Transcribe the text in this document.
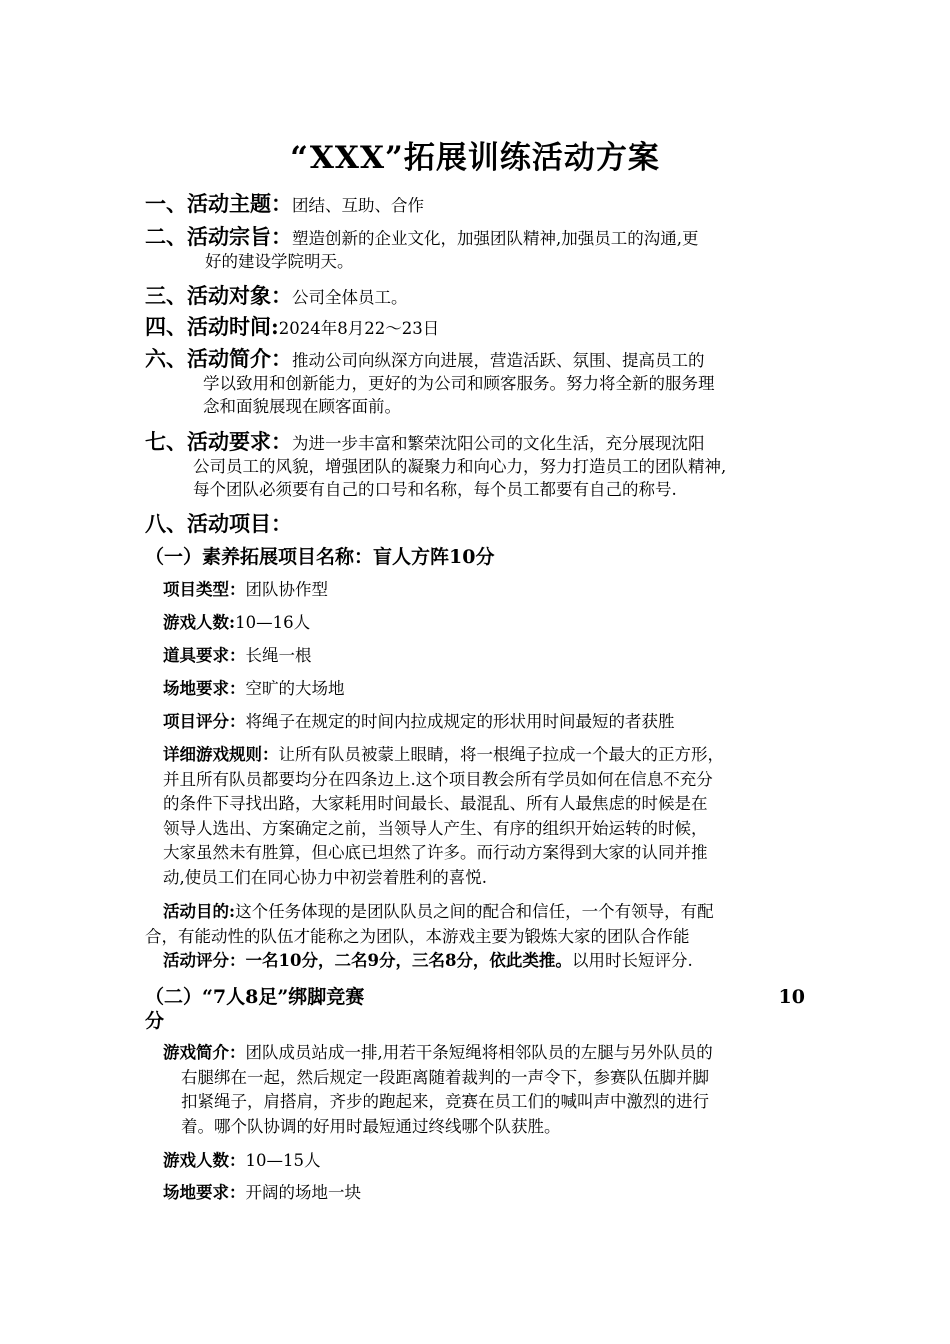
“XXX”拓展训练活动方案
一、活动主题：团结、互助、合作
二、活动宗旨：塑造创新的企业文化，加强团队精神,加强员工的沟通,更
好的建设学院明天。
三、活动对象：公司全体员工。
四、活动时间:2024年8月22～23日
六、活动简介：推动公司向纵深方向进展，营造活跃、氛围、提高员工的
学以致用和创新能力，更好的为公司和顾客服务。努力将全新的服务理
念和面貌展现在顾客面前。
七、活动要求：为进一步丰富和繁荣沈阳公司的文化生活，充分展现沈阳
公司员工的风貌，增强团队的凝聚力和向心力，努力打造员工的团队精神,
每个团队必须要有自己的口号和名称，每个员工都要有自己的称号.
八、活动项目：
（一）素养拓展项目名称：盲人方阵10分
项目类型：团队协作型
游戏人数:10—16人
道具要求：长绳一根
场地要求：空旷的大场地
项目评分：将绳子在规定的时间内拉成规定的形状用时间最短的者获胜
详细游戏规则：让所有队员被蒙上眼睛，将一根绳子拉成一个最大的正方形，
并且所有队员都要均分在四条边上.这个项目教会所有学员如何在信息不充分
的条件下寻找出路，大家耗用时间最长、最混乱、所有人最焦虑的时候是在
领导人选出、方案确定之前，当领导人产生、有序的组织开始运转的时候，
大家虽然未有胜算，但心底已坦然了许多。而行动方案得到大家的认同并推
动,使员工们在同心协力中初尝着胜利的喜悦.
活动目的:这个任务体现的是团队队员之间的配合和信任，一个有领导，有配
合，有能动性的队伍才能称之为团队，本游戏主要为锻炼大家的团队合作能
活动评分：一名10分，二名9分，三名8分，依此类推。以用时长短评分.
（二）“7人8足”绑脚竞赛	10
分
游戏简介：团队成员站成一排,用若干条短绳将相邻队员的左腿与另外队员的
右腿绑在一起，然后规定一段距离随着裁判的一声令下，参赛队伍脚并脚
扣紧绳子，肩搭肩，齐步的跑起来，竞赛在员工们的喊叫声中激烈的进行
着。哪个队协调的好用时最短通过终线哪个队获胜。
游戏人数：10—15人
场地要求：开阔的场地一块
